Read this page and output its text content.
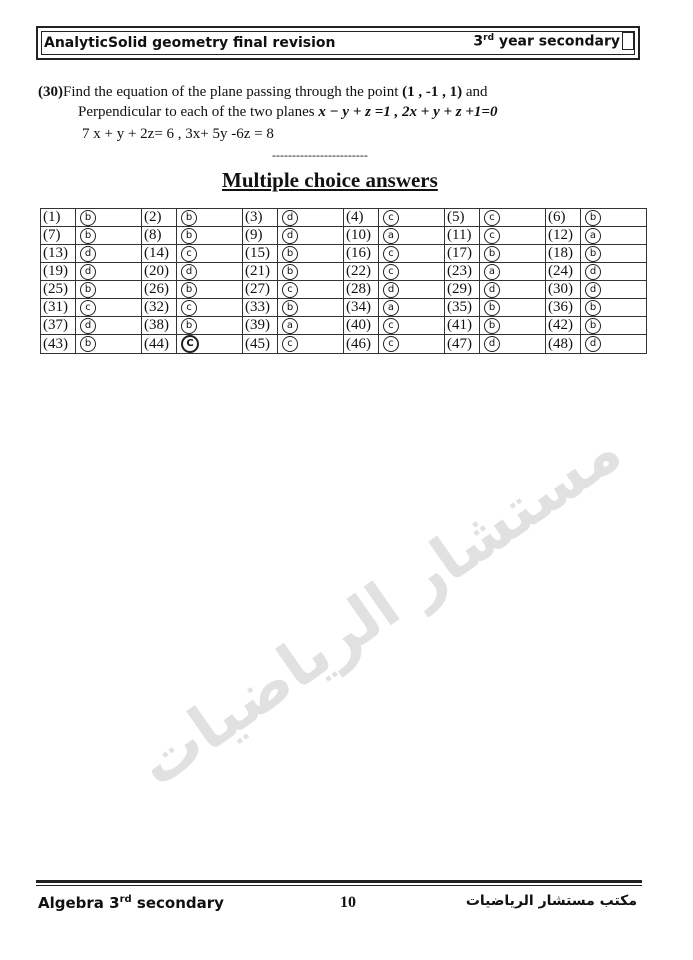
AnalyticSolid geometry final revision	3rd year secondary
(30)Find the equation of the plane passing through the point (1 , -1 , 1) and
Perpendicular to each of the two planes x − y + z =1 , 2x + y + z +1=0
7 x + y + 2z= 6 , 3x+ 5y -6z = 8
------------------------
Multiple choice answers
(1)	b	(2)	b	(3)	d	(4)	c	(5)	c	(6)	b
(7)	b	(8)	b	(9)	d	(10)	a	(11)	c	(12)	a
(13)	d	(14)	c	(15)	b	(16)	c	(17)	b	(18)	b
(19)	d	(20)	d	(21)	b	(22)	c	(23)	a	(24)	d
(25)	b	(26)	b	(27)	c	(28)	d	(29)	d	(30)	d
(31)	c	(32)	c	(33)	b	(34)	a	(35)	b	(36)	b
(37)	d	(38)	b	(39)	a	(40)	c	(41)	b	(42)	b
(43)	b	(44)	C	(45)	c	(46)	c	(47)	d	(48)	d
مستشار الرياضيات
Algebra 3rd secondary	10	مكتب مستشار الرياضيات
